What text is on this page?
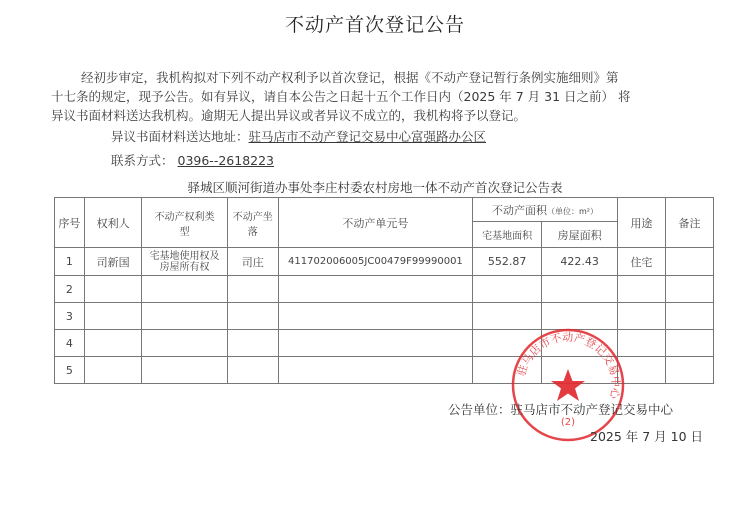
不动产首次登记公告
经初步审定，我机构拟对下列不动产权利予以首次登记，根据《不动产登记暂行条例实施细则》第
十七条的规定，现予公告。如有异议，请自本公告之日起十五个工作日内（2025 年 7 月 31 日之前） 将
异议书面材料送达我机构。逾期无人提出异议或者异议不成立的，我机构将予以登记。
异议书面材料送达地址：驻马店市不动产登记交易中心富强路办公区
联系方式： 0396--2618223
驿城区顺河街道办事处李庄村委农村房地一体不动产首次登记公告表
序号	权利人	不动产权利类型	不动产坐落	不动产单元号	不动产面积（单位：m²）		用途	备注
					宅基地面积	房屋面积		
1	司新国	宅基地使用权及房屋所有权	司庄	411702006005JC00479F99990001	552.87	422.43	住宅	
2								
3								
4								
5									驻马店市不动产登记交易中心
(2)
公告单位：驻马店市不动产登记交易中心
2025 年 7 月 10 日
